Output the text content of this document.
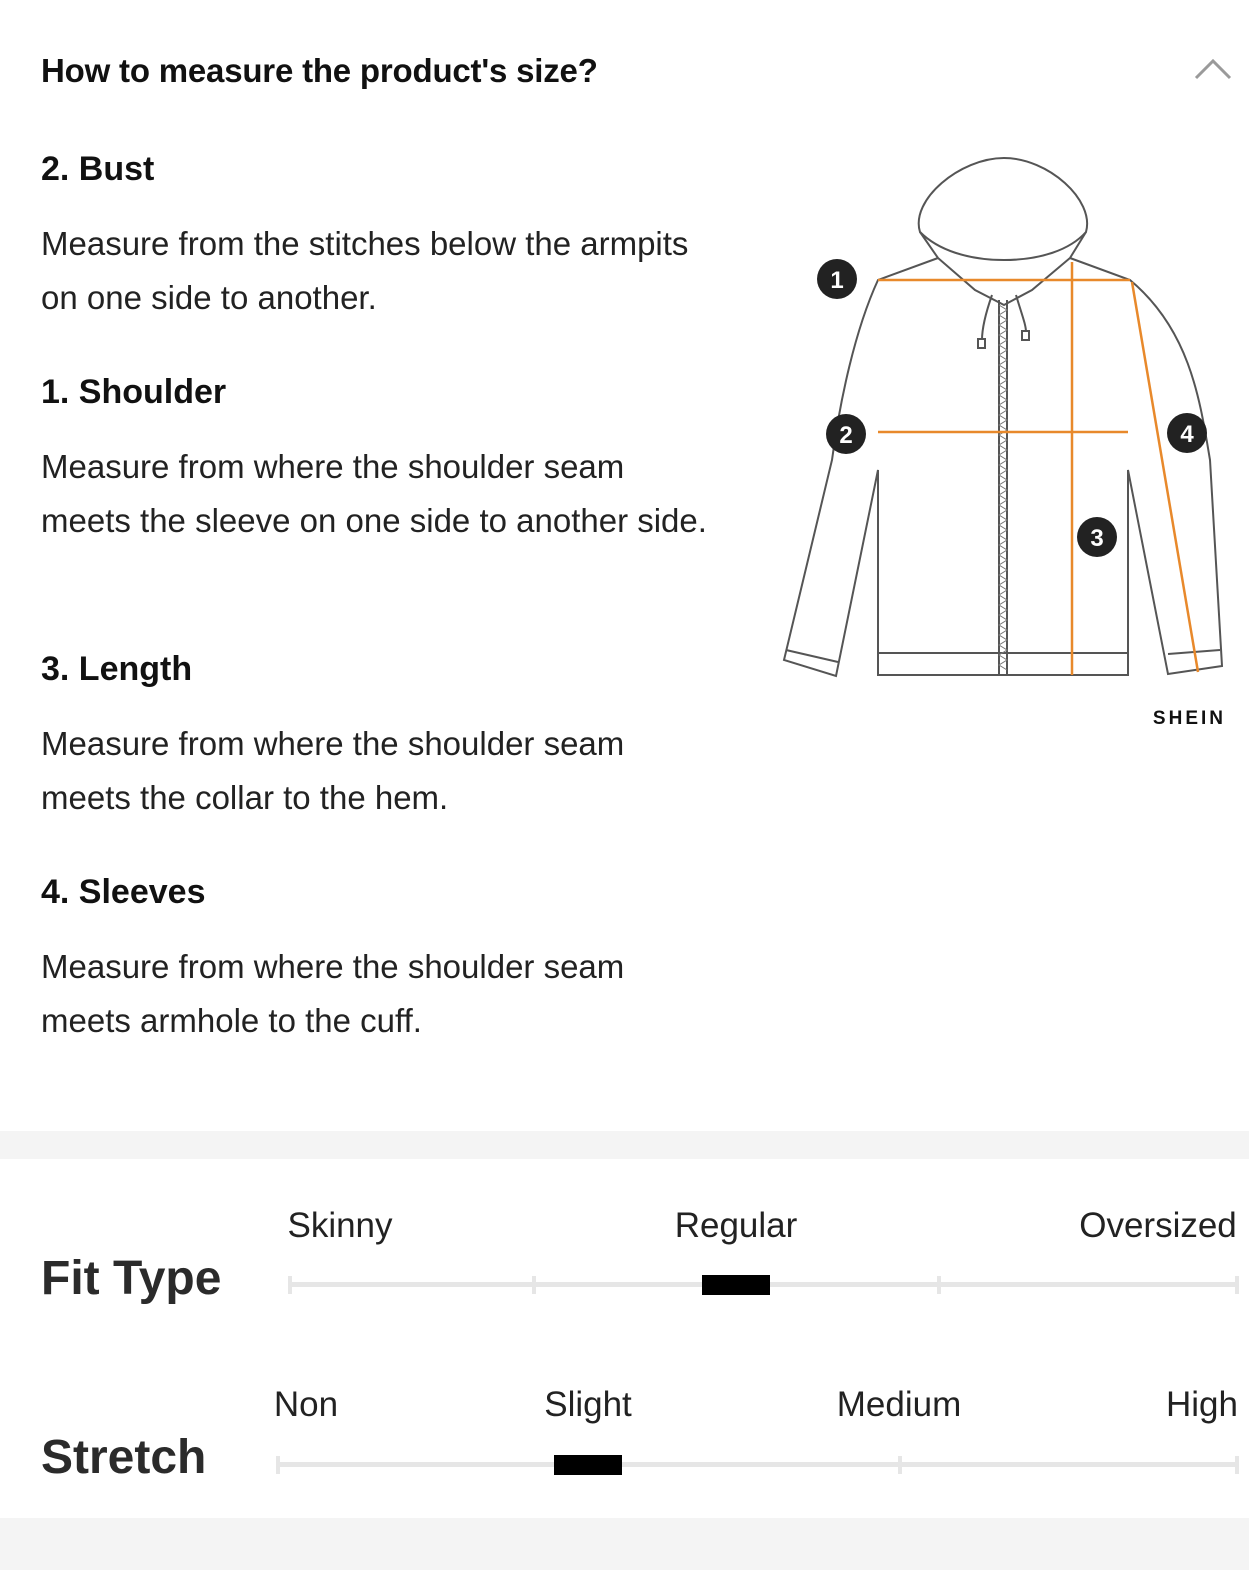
How to measure the product's size?
2. Bust
Measure from the stitches below the armpits on one side to another.
1. Shoulder
Measure from where the shoulder seam meets the sleeve on one side to another side.
3. Length
Measure from where the shoulder seam meets the collar to the hem.
4. Sleeves
Measure from where the shoulder seam meets armhole to the cuff.
1
2
3
4
SHEIN
Fit Type
Skinny	Regular	Oversized
Stretch
Non	Slight	Medium	High
